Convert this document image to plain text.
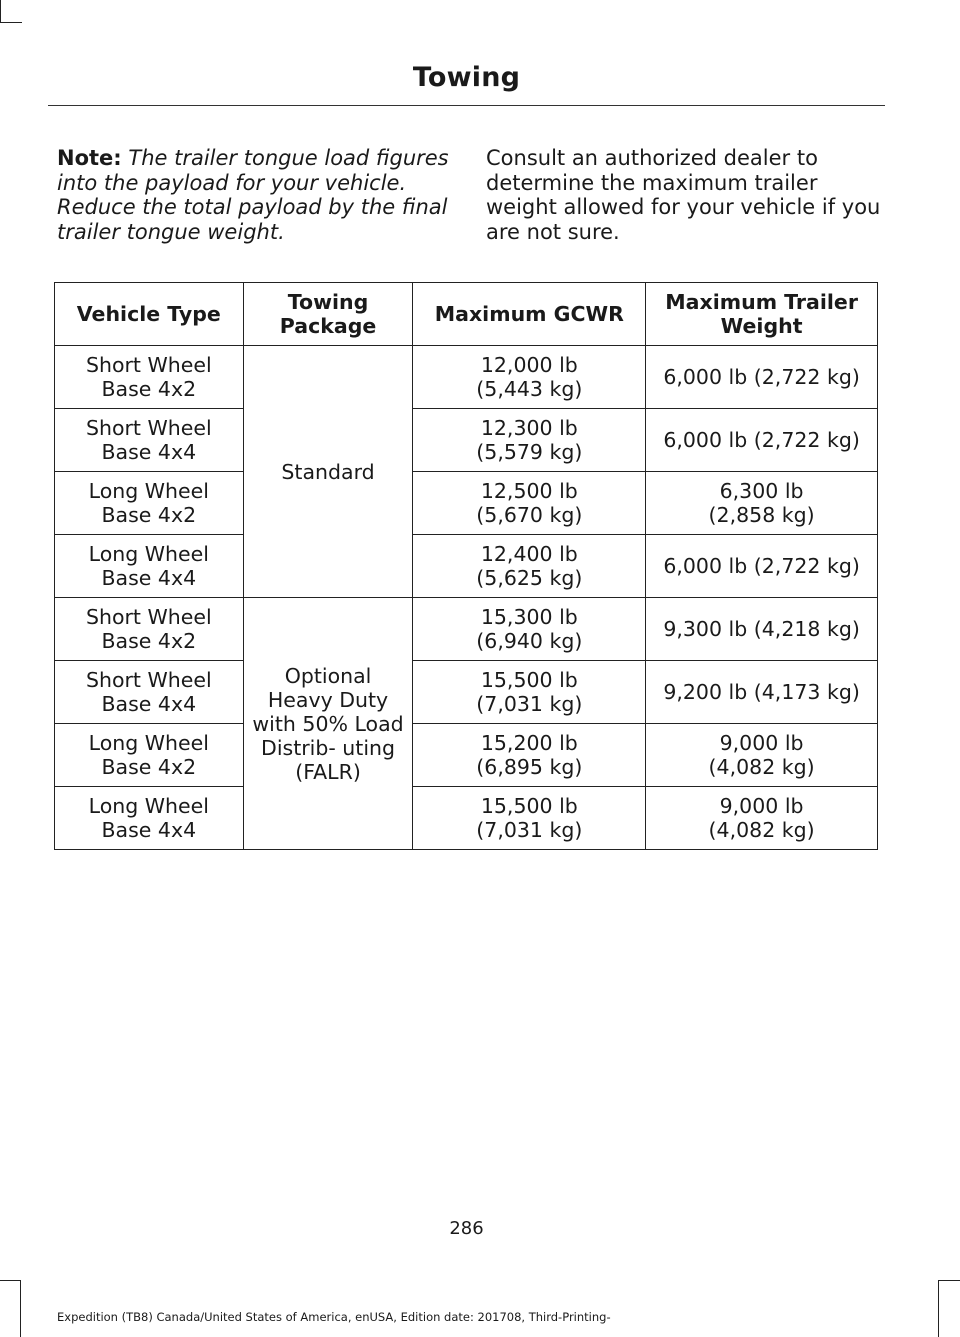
Towing
Note: The trailer tongue load figures into the payload for your vehicle. Reduce the total payload by the final trailer tongue weight.
Consult an authorized dealer to determine the maximum trailer weight allowed for your vehicle if you are not sure.
Vehicle Type	Towing Package	Maximum GCWR	Maximum Trailer Weight
Short Wheel Base 4x2	Standard	12,000 lb (5,443 kg)	6,000 lb (2,722 kg)
Short Wheel Base 4x4		12,300 lb (5,579 kg)	6,000 lb (2,722 kg)
Long Wheel Base 4x2		12,500 lb (5,670 kg)	6,300 lb (2,858 kg)
Long Wheel Base 4x4		12,400 lb (5,625 kg)	6,000 lb (2,722 kg)
Short Wheel Base 4x2	Optional Heavy Duty with 50% Load Distrib- uting (FALR)	15,300 lb (6,940 kg)	9,300 lb (4,218 kg)
Short Wheel Base 4x4		15,500 lb (7,031 kg)	9,200 lb (4,173 kg)
Long Wheel Base 4x2		15,200 lb (6,895 kg)	9,000 lb (4,082 kg)
Long Wheel Base 4x4		15,500 lb (7,031 kg)	9,000 lb (4,082 kg)
286
Expedition (TB8) Canada/United States of America, enUSA, Edition date: 201708, Third-Printing-
